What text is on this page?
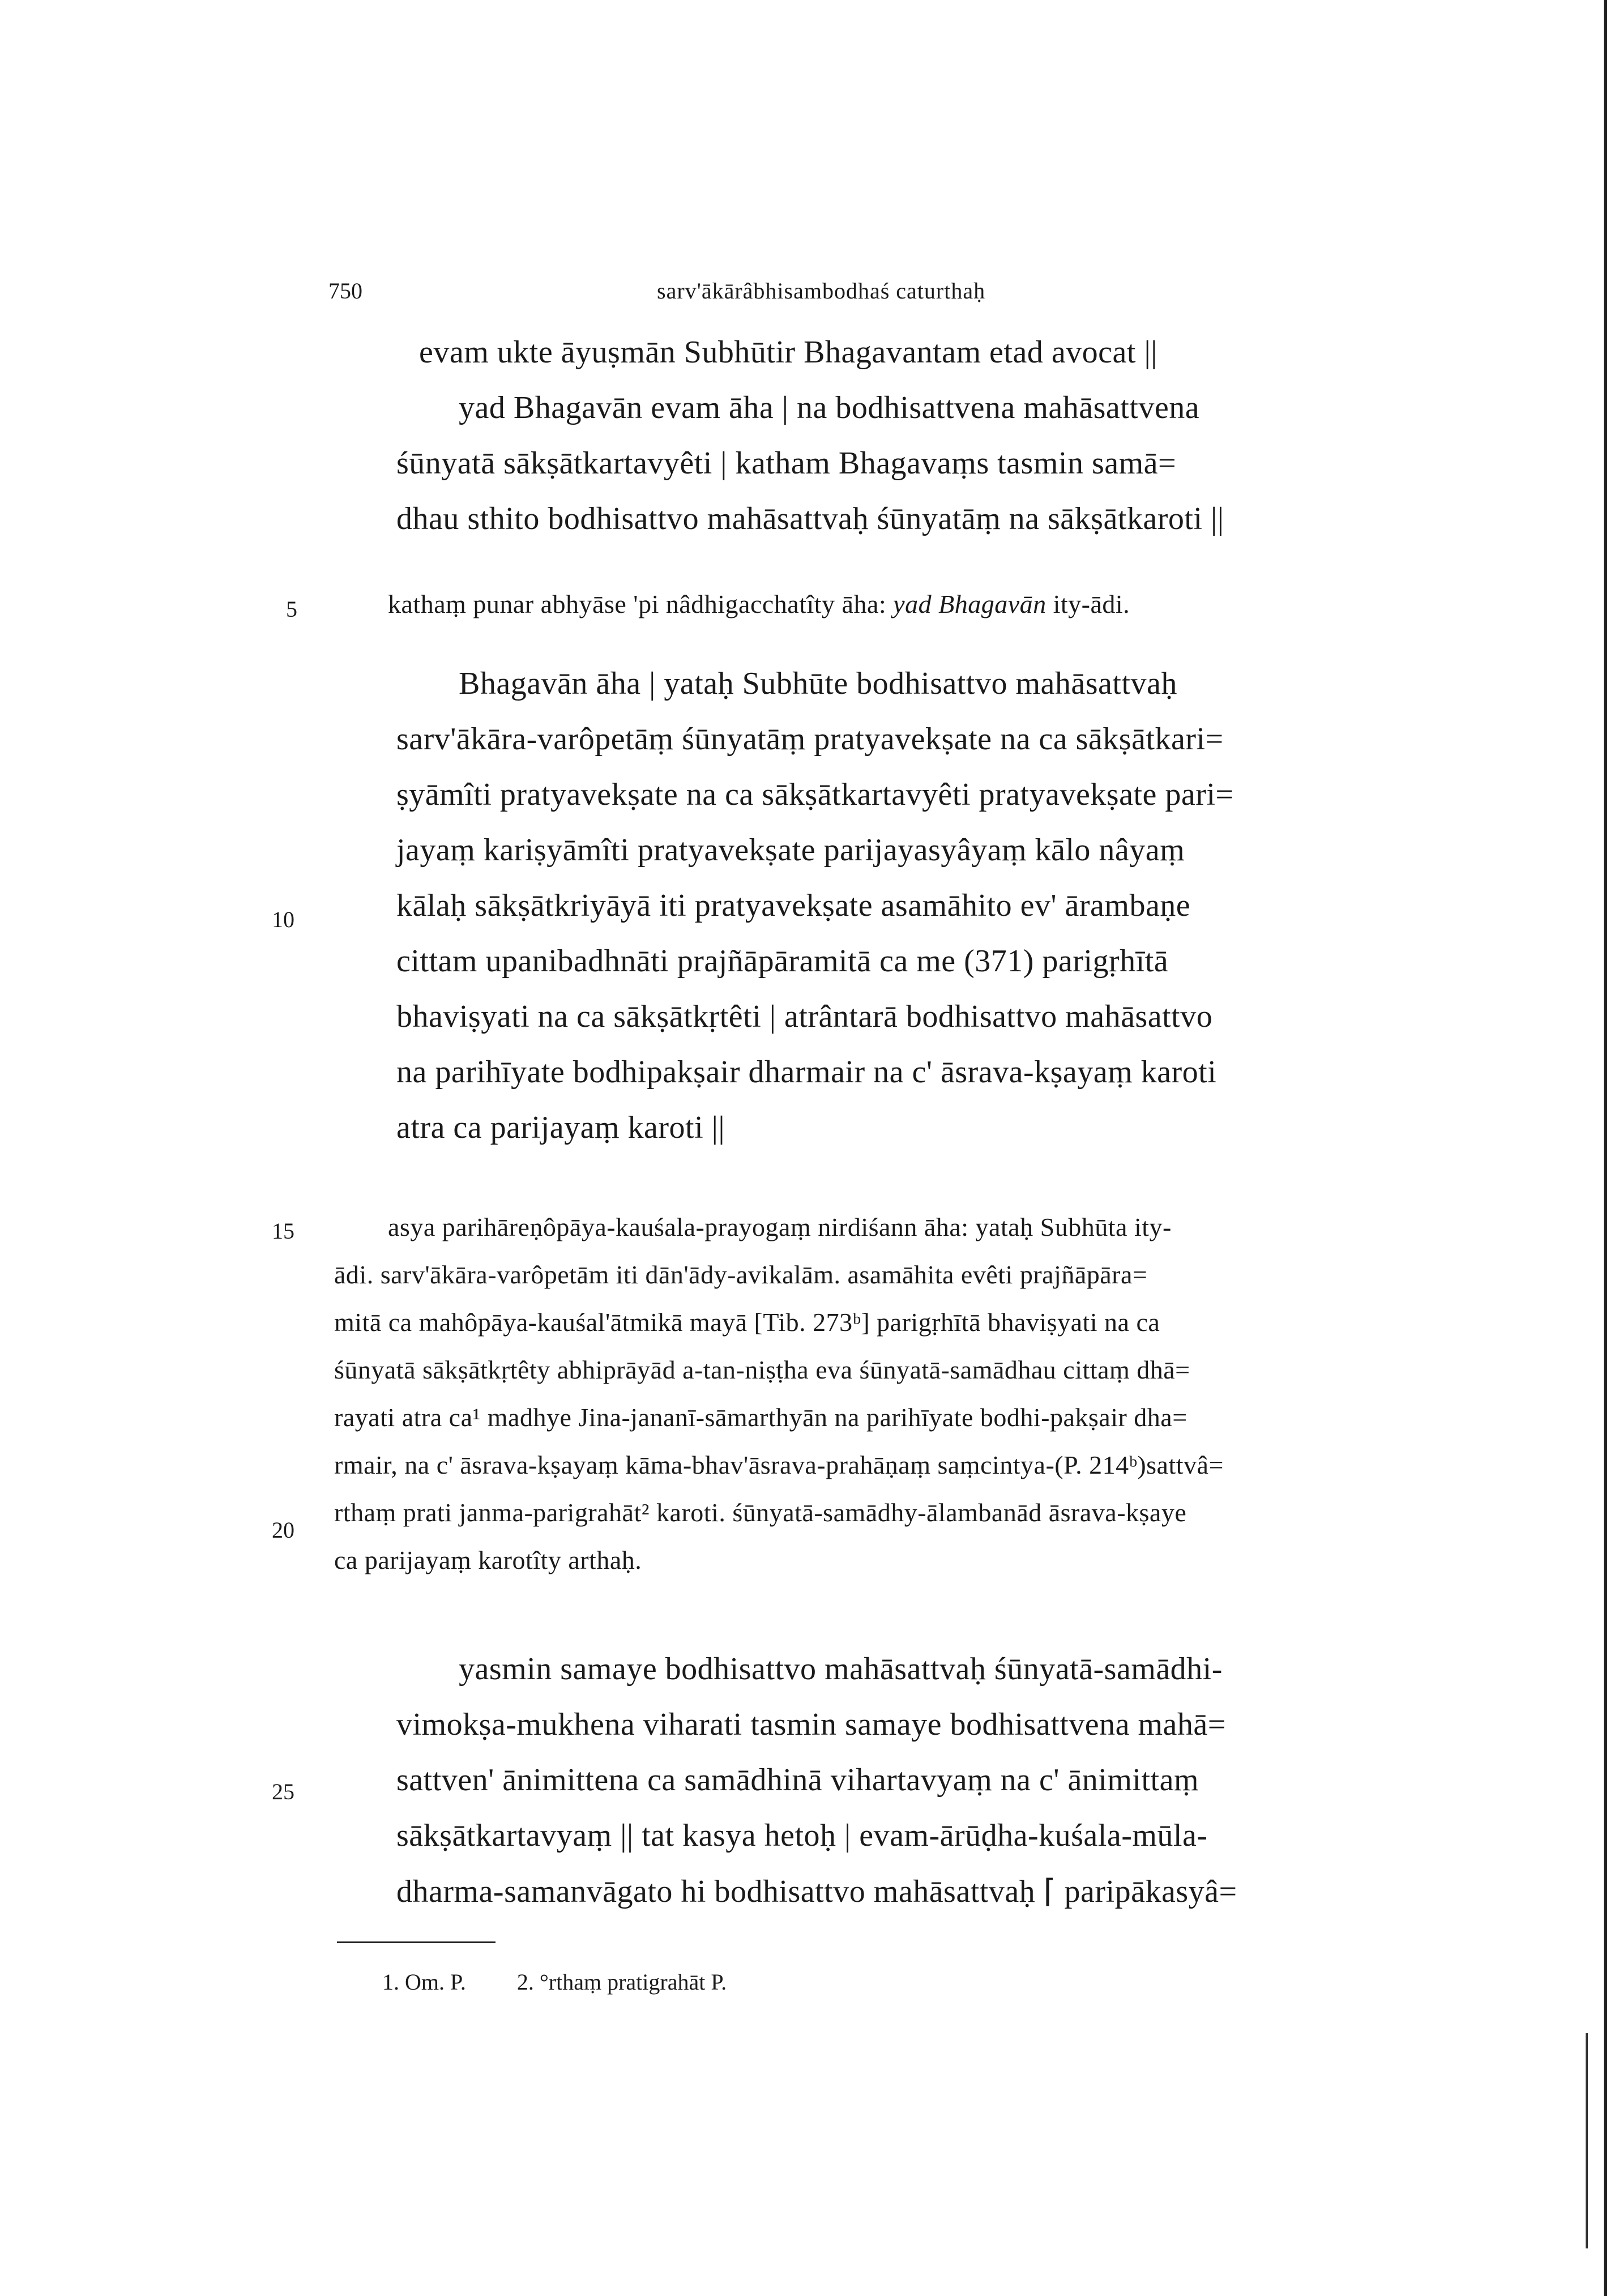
750	sarv'ākārâbhisambodhaś caturthaḥ
5
10
15
20
25
evam ukte āyuṣmān Subhūtir Bhagavantam etad avocat ||
yad Bhagavān evam āha | na bodhisattvena mahāsattvena
śūnyatā sākṣātkartavyêti | katham Bhagavaṃs tasmin samā=
dhau sthito bodhisattvo mahāsattvaḥ śūnyatāṃ na sākṣātkaroti ||
kathaṃ punar abhyāse 'pi nâdhigacchatîty āha: yad Bhagavān ity-ādi.
Bhagavān āha | yataḥ Subhūte bodhisattvo mahāsattvaḥ
sarv'ākāra-varôpetāṃ śūnyatāṃ pratyavekṣate na ca sākṣātkari=
ṣyāmîti pratyavekṣate na ca sākṣātkartavyêti pratyavekṣate pari=
jayaṃ kariṣyāmîti pratyavekṣate parijayasyâyaṃ kālo nâyaṃ
kālaḥ sākṣātkriyāyā iti pratyavekṣate asamāhito ev' ārambaṇe
cittam upanibadhnāti prajñāpāramitā ca me (371) parigṛhītā
bhaviṣyati na ca sākṣātkṛtêti | atrântarā bodhisattvo mahāsattvo
na parihīyate bodhipakṣair dharmair na c' āsrava-kṣayaṃ karoti
atra ca parijayaṃ karoti ||
asya parihāreṇôpāya-kauśala-prayogaṃ nirdiśann āha: yataḥ Subhūta ity-
ādi. sarv'ākāra-varôpetām iti dān'ādy-avikalām. asamāhita evêti prajñāpāra=
mitā ca mahôpāya-kauśal'ātmikā mayā [Tib. 273ᵇ] parigṛhītā bhaviṣyati na ca
śūnyatā sākṣātkṛtêty abhiprāyād a-tan-niṣṭha eva śūnyatā-samādhau cittaṃ dhā=
rayati atra ca¹ madhye Jina-jananī-sāmarthyān na parihīyate bodhi-pakṣair dha=
rmair, na c' āsrava-kṣayaṃ kāma-bhav'āsrava-prahāṇaṃ saṃcintya-(P. 214ᵇ)sattvâ=
rthaṃ prati janma-parigrahāt² karoti. śūnyatā-samādhy-ālambanād āsrava-kṣaye
ca parijayaṃ karotîty arthaḥ.
yasmin samaye bodhisattvo mahāsattvaḥ śūnyatā-samādhi-
vimokṣa-mukhena viharati tasmin samaye bodhisattvena mahā=
sattven' ānimittena ca samādhinā vihartavyaṃ na c' ānimittaṃ
sākṣātkartavyaṃ || tat kasya hetoḥ | evam-ārūḍha-kuśala-mūla-
dharma-samanvāgato hi bodhisattvo mahāsattvaḥ ⌈ paripākasyâ=
1. Om. P. 2. °rthaṃ pratigrahāt P.
